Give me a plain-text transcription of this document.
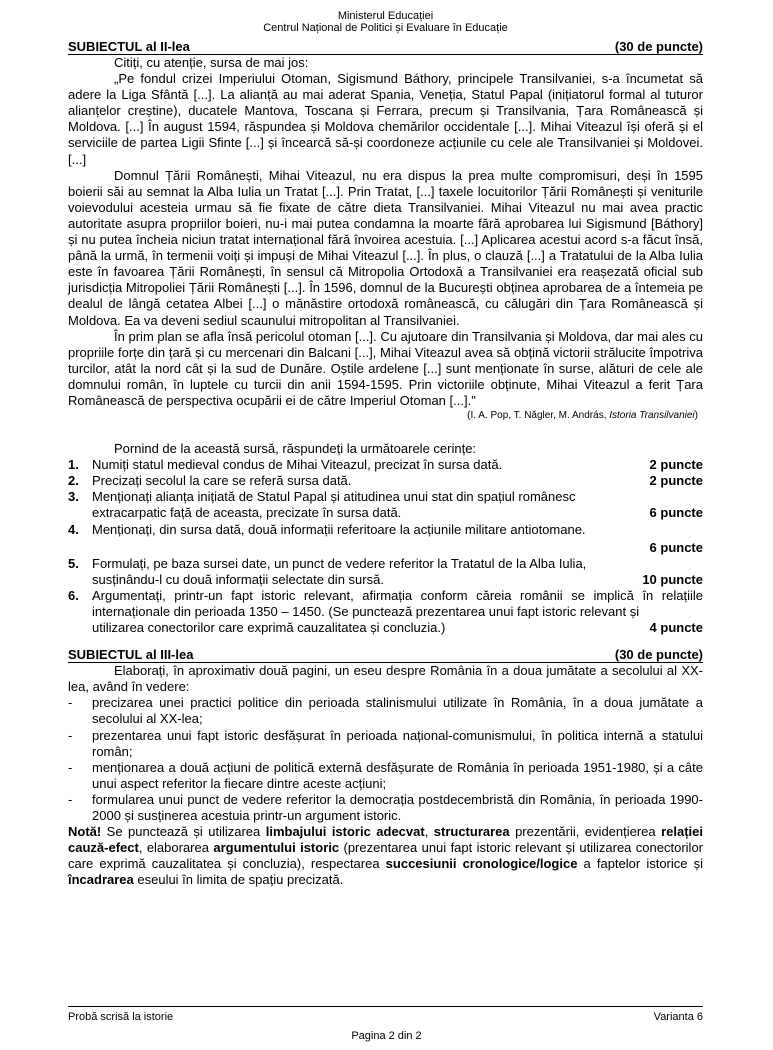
Ministerul Educației
Centrul Național de Politici și Evaluare în Educație
SUBIECTUL al II-lea	(30 de puncte)

Citiți, cu atenție, sursa de mai jos:

„Pe fondul crizei Imperiului Otoman, Sigismund Báthory, principele Transilvaniei, s-a încumetat să adere la Liga Sfântă [...]. La alianță au mai aderat Spania, Veneția, Statul Papal (inițiatorul formal al tuturor alianțelor creștine), ducatele Mantova, Toscana și Ferrara, precum și Transilvania, Țara Românească și Moldova. [...] În august 1594, răspundea și Moldova chemărilor occidentale [...]. Mihai Viteazul își oferă și el serviciile de partea Ligii Sfinte [...] și încearcă să-și coordoneze acțiunile cu cele ale Transilvaniei și Moldovei. [...]

Domnul Țării Românești, Mihai Viteazul, nu era dispus la prea multe compromisuri, deși în 1595 boierii săi au semnat la Alba Iulia un Tratat [...]. Prin Tratat, [...] taxele locuitorilor Țării Românești și veniturile voievodului acesteia urmau să fie fixate de către dieta Transilvaniei. Mihai Viteazul nu mai avea practic autoritate asupra propriilor boieri, nu-i mai putea condamna la moarte fără aprobarea lui Sigismund [Báthory] și nu putea încheia niciun tratat internațional fără învoirea acestuia. [...] Aplicarea acestui acord s-a făcut însă, până la urmă, în termenii voiți și impuși de Mihai Viteazul [...]. În plus, o clauză [...] a Tratatului de la Alba Iulia este în favoarea Țării Românești, în sensul că Mitropolia Ortodoxă a Transilvaniei era reașezată oficial sub jurisdicția Mitropoliei Țării Românești [...]. În 1596, domnul de la București obținea aprobarea de a întemeia pe dealul de lângă cetatea Albei [...] o mănăstire ortodoxă românească, cu călugări din Țara Românească și Moldova. Ea va deveni sediul scaunului mitropolitan al Transilvaniei.

În prim plan se afla însă pericolul otoman [...]. Cu ajutoare din Transilvania și Moldova, dar mai ales cu propriile forțe din țară și cu mercenari din Balcani [...], Mihai Viteazul avea să obțină victorii strălucite împotriva turcilor, atât la nord cât și la sud de Dunăre. Oștile ardelene [...] sunt menționate în surse, alături de cele ale domnului român, în luptele cu turcii din anii 1594-1595. Prin victoriile obținute, Mihai Viteazul a ferit Țara Românească de perspectiva ocupării ei de către Imperiul Otoman [...]."

(I. A. Pop, T. Năgler, M. András, Istoria Transilvaniei)

Pornind de la această sursă, răspundeți la următoarele cerințe:

1.	Numiți statul medieval condus de Mihai Viteazul, precizat în sursa dată.	2 puncte
2.	Precizați secolul la care se referă sursa dată.	2 puncte
3.	Menționați alianța inițiată de Statul Papal și atitudinea unui stat din spațiul românesc
extracarpatic față de aceasta, precizate în sursa dată.	6 puncte
4.	Menționați, din sursa dată, două informații referitoare la acțiunile militare antiotomane.
6 puncte
5.	Formulați, pe baza sursei date, un punct de vedere referitor la Tratatul de la Alba Iulia,
susținându-l cu două informații selectate din sursă.	10 puncte
6.	Argumentați, printr-un fapt istoric relevant, afirmația conform căreia românii se implică în relațiile internaționale din perioada 1350 – 1450. (Se punctează prezentarea unui fapt istoric relevant și
utilizarea conectorilor care exprimă cauzalitatea și concluzia.)	4 puncte
SUBIECTUL al III-lea	(30 de puncte)

Elaborați, în aproximativ două pagini, un eseu despre România în a doua jumătate a secolului al XX-lea, având în vedere:

-	precizarea unei practici politice din perioada stalinismului utilizate în România, în a doua jumătate a secolului al XX-lea;
-	prezentarea unui fapt istoric desfășurat în perioada național-comunismului, în politica internă a statului român;
-	menționarea a două acțiuni de politică externă desfășurate de România în perioada 1951-1980, și a câte unui aspect referitor la fiecare dintre aceste acțiuni;
-	formularea unui punct de vedere referitor la democrația postdecembristă din România, în perioada 1990-2000 și susținerea acestuia printr-un argument istoric.

Notă! Se punctează și utilizarea limbajului istoric adecvat, structurarea prezentării, evidențierea relației cauză-efect, elaborarea argumentului istoric (prezentarea unui fapt istoric relevant și utilizarea conectorilor care exprimă cauzalitatea și concluzia), respectarea succesiunii cronologice/logice a faptelor istorice și încadrarea eseului în limita de spațiu precizată.

Probă scrisă la istorie	Varianta 6
Pagina 2 din 2
